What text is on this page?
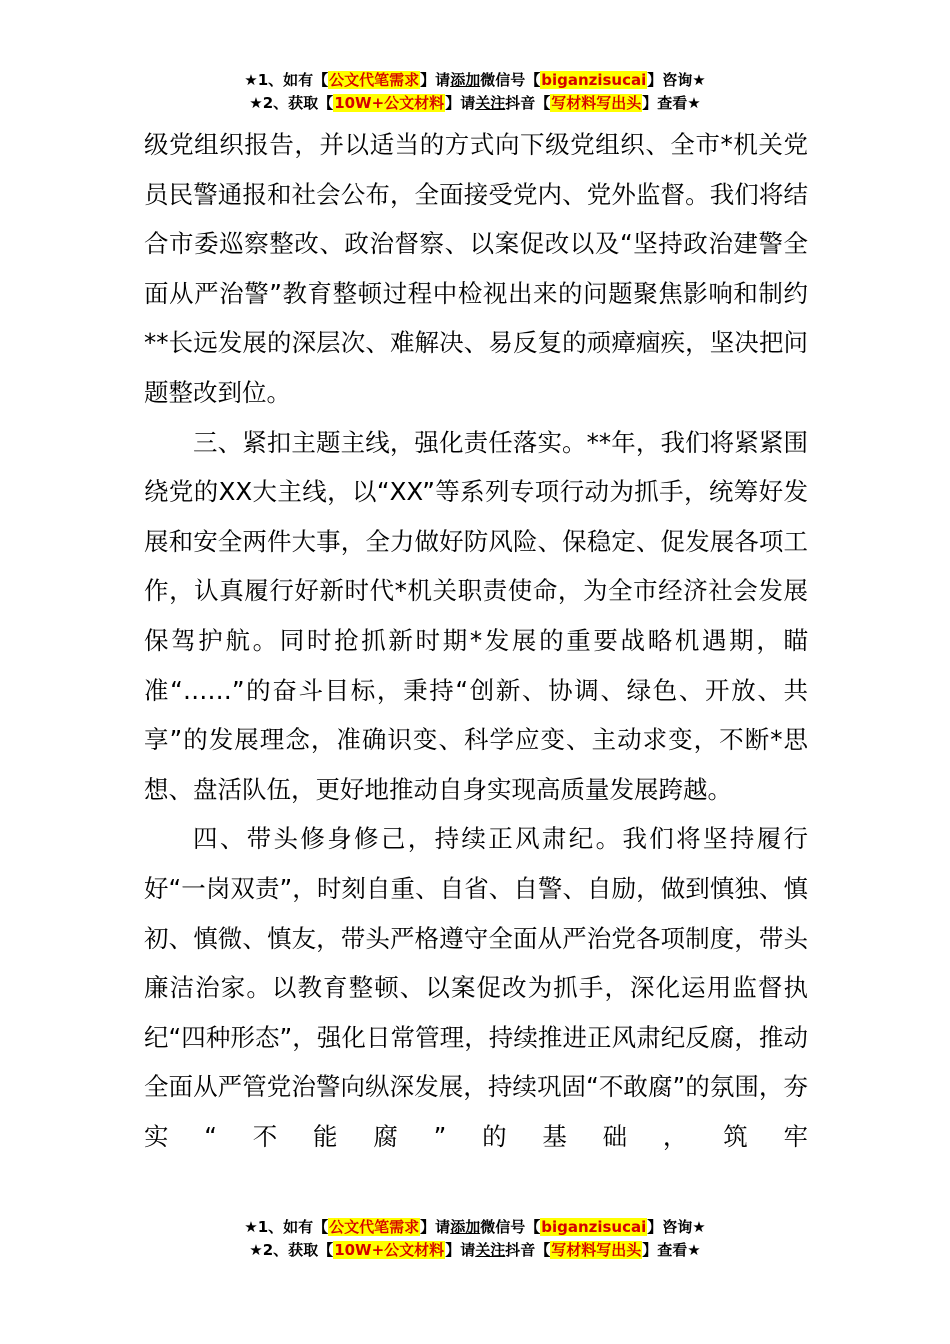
★1、如有【公文代笔需求】请添加微信号【biganzisucai】咨询★
★2、获取【10W+公文材料】请关注抖音【写材料写出头】查看★

级党组织报告，并以适当的方式向下级党组织、全市*机关党员民警通报和社会公布，全面接受党内、党外监督。我们将结合市委巡察整改、政治督察、以案促改以及“坚持政治建警全面从严治警”教育整顿过程中检视出来的问题聚焦影响和制约**长远发展的深层次、难解决、易反复的顽瘴痼疾，坚决把问题整改到位。

三、紧扣主题主线，强化责任落实。**年，我们将紧紧围绕党的XX大主线，以“XX”等系列专项行动为抓手，统筹好发展和安全两件大事，全力做好防风险、保稳定、促发展各项工作，认真履行好新时代*机关职责使命，为全市经济社会发展保驾护航。同时抢抓新时期*发展的重要战略机遇期，瞄准“……”的奋斗目标，秉持“创新、协调、绿色、开放、共享”的发展理念，准确识变、科学应变、主动求变，不断*思想、盘活队伍，更好地推动自身实现高质量发展跨越。

四、带头修身修己，持续正风肃纪。我们将坚持履行好“一岗双责”，时刻自重、自省、自警、自励，做到慎独、慎初、慎微、慎友，带头严格遵守全面从严治党各项制度，带头廉洁治家。以教育整顿、以案促改为抓手，深化运用监督执纪“四种形态”，强化日常管理，持续推进正风肃纪反腐，推动全面从严管党治警向纵深发展，持续巩固“不敢腐”的氛围，夯实“不能腐”的基础，筑牢

★1、如有【公文代笔需求】请添加微信号【biganzisucai】咨询★
★2、获取【10W+公文材料】请关注抖音【写材料写出头】查看★
